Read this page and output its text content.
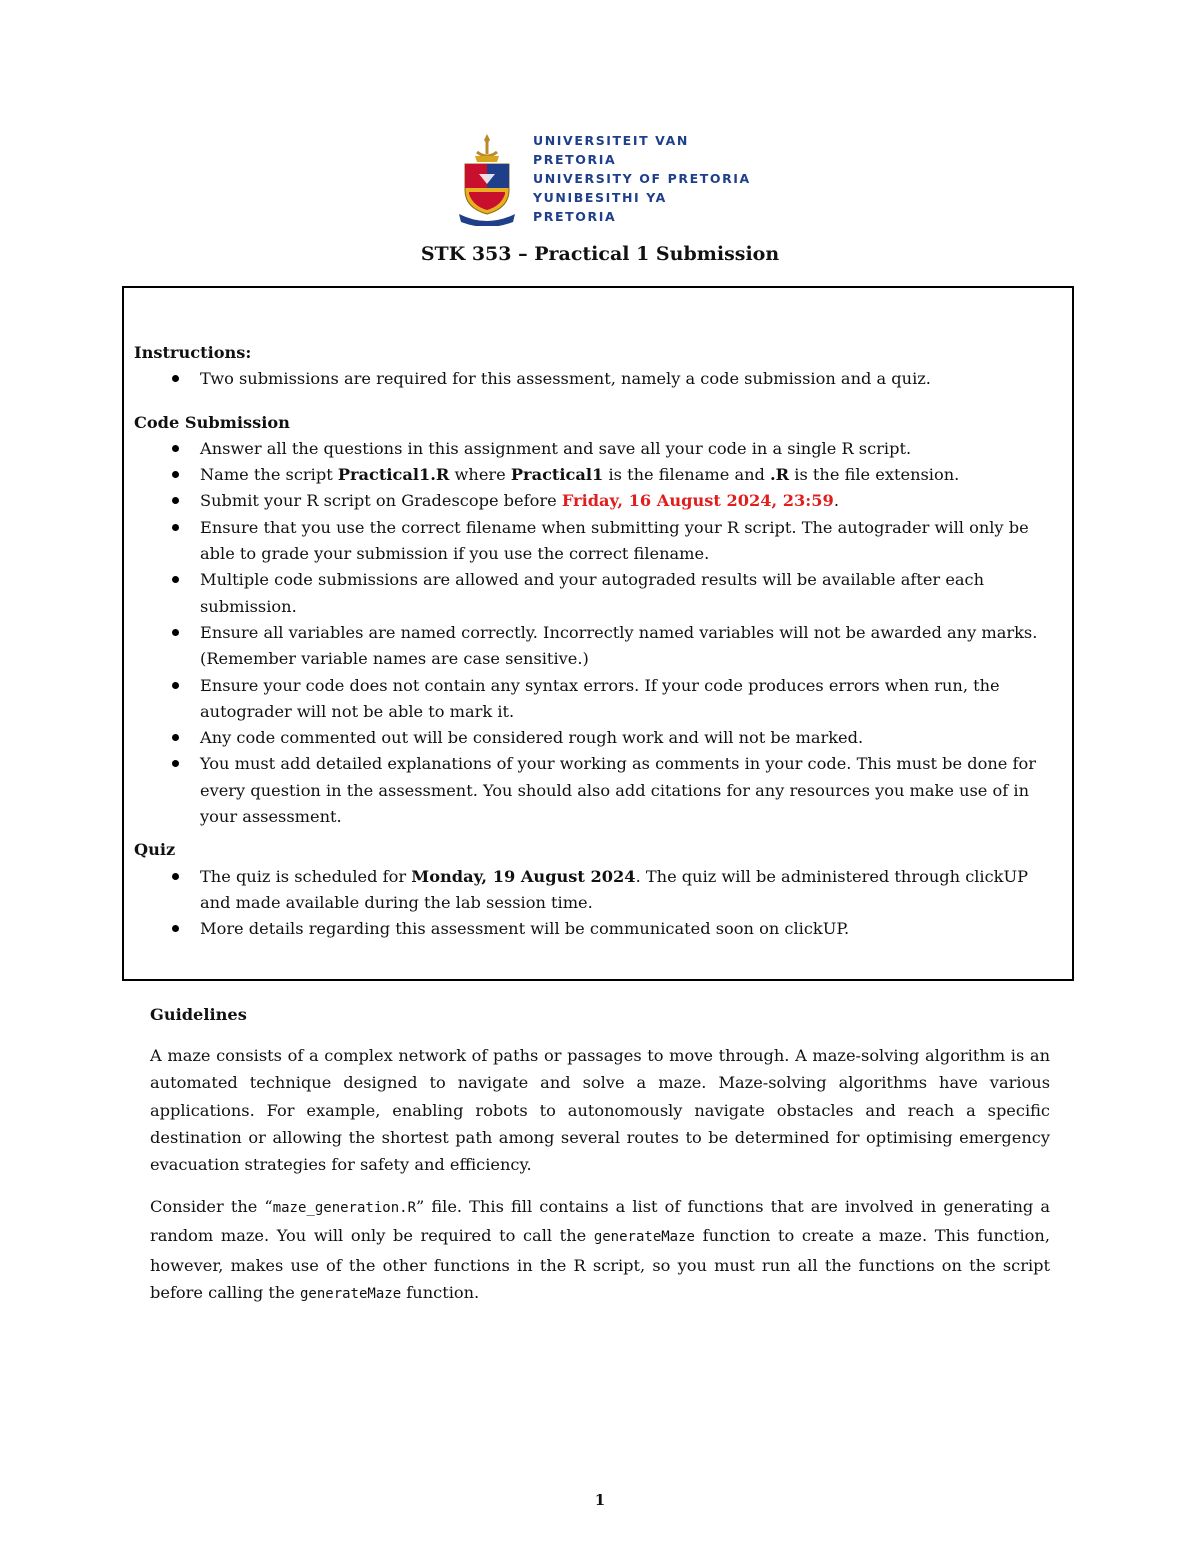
UNIVERSITEIT VAN PRETORIA
UNIVERSITY OF PRETORIA
YUNIBESITHI YA PRETORIA
STK 353 – Practical 1 Submission
Instructions:
Two submissions are required for this assessment, namely a code submission and a quiz.
Code Submission
Answer all the questions in this assignment and save all your code in a single R script.
Name the script Practical1.R where Practical1 is the filename and .R is the file extension.
Submit your R script on Gradescope before Friday, 16 August 2024, 23:59.
Ensure that you use the correct filename when submitting your R script. The autograder will only be able to grade your submission if you use the correct filename.
Multiple code submissions are allowed and your autograded results will be available after each submission.
Ensure all variables are named correctly. Incorrectly named variables will not be awarded any marks. (Remember variable names are case sensitive.)
Ensure your code does not contain any syntax errors. If your code produces errors when run, the autograder will not be able to mark it.
Any code commented out will be considered rough work and will not be marked.
You must add detailed explanations of your working as comments in your code. This must be done for every question in the assessment. You should also add citations for any resources you make use of in your assessment.
Quiz
The quiz is scheduled for Monday, 19 August 2024. The quiz will be administered through clickUP and made available during the lab session time.
More details regarding this assessment will be communicated soon on clickUP.
Guidelines

A maze consists of a complex network of paths or passages to move through. A maze-solving algorithm is an automated technique designed to navigate and solve a maze. Maze-solving algorithms have various applications. For example, enabling robots to autonomously navigate obstacles and reach a specific destination or allowing the shortest path among several routes to be determined for optimising emergency evacuation strategies for safety and efficiency.

Consider the “maze_generation.R” file. This fill contains a list of functions that are involved in generating a random maze. You will only be required to call the generateMaze function to create a maze. This function, however, makes use of the other functions in the R script, so you must run all the functions on the script before calling the generateMaze function.

1
